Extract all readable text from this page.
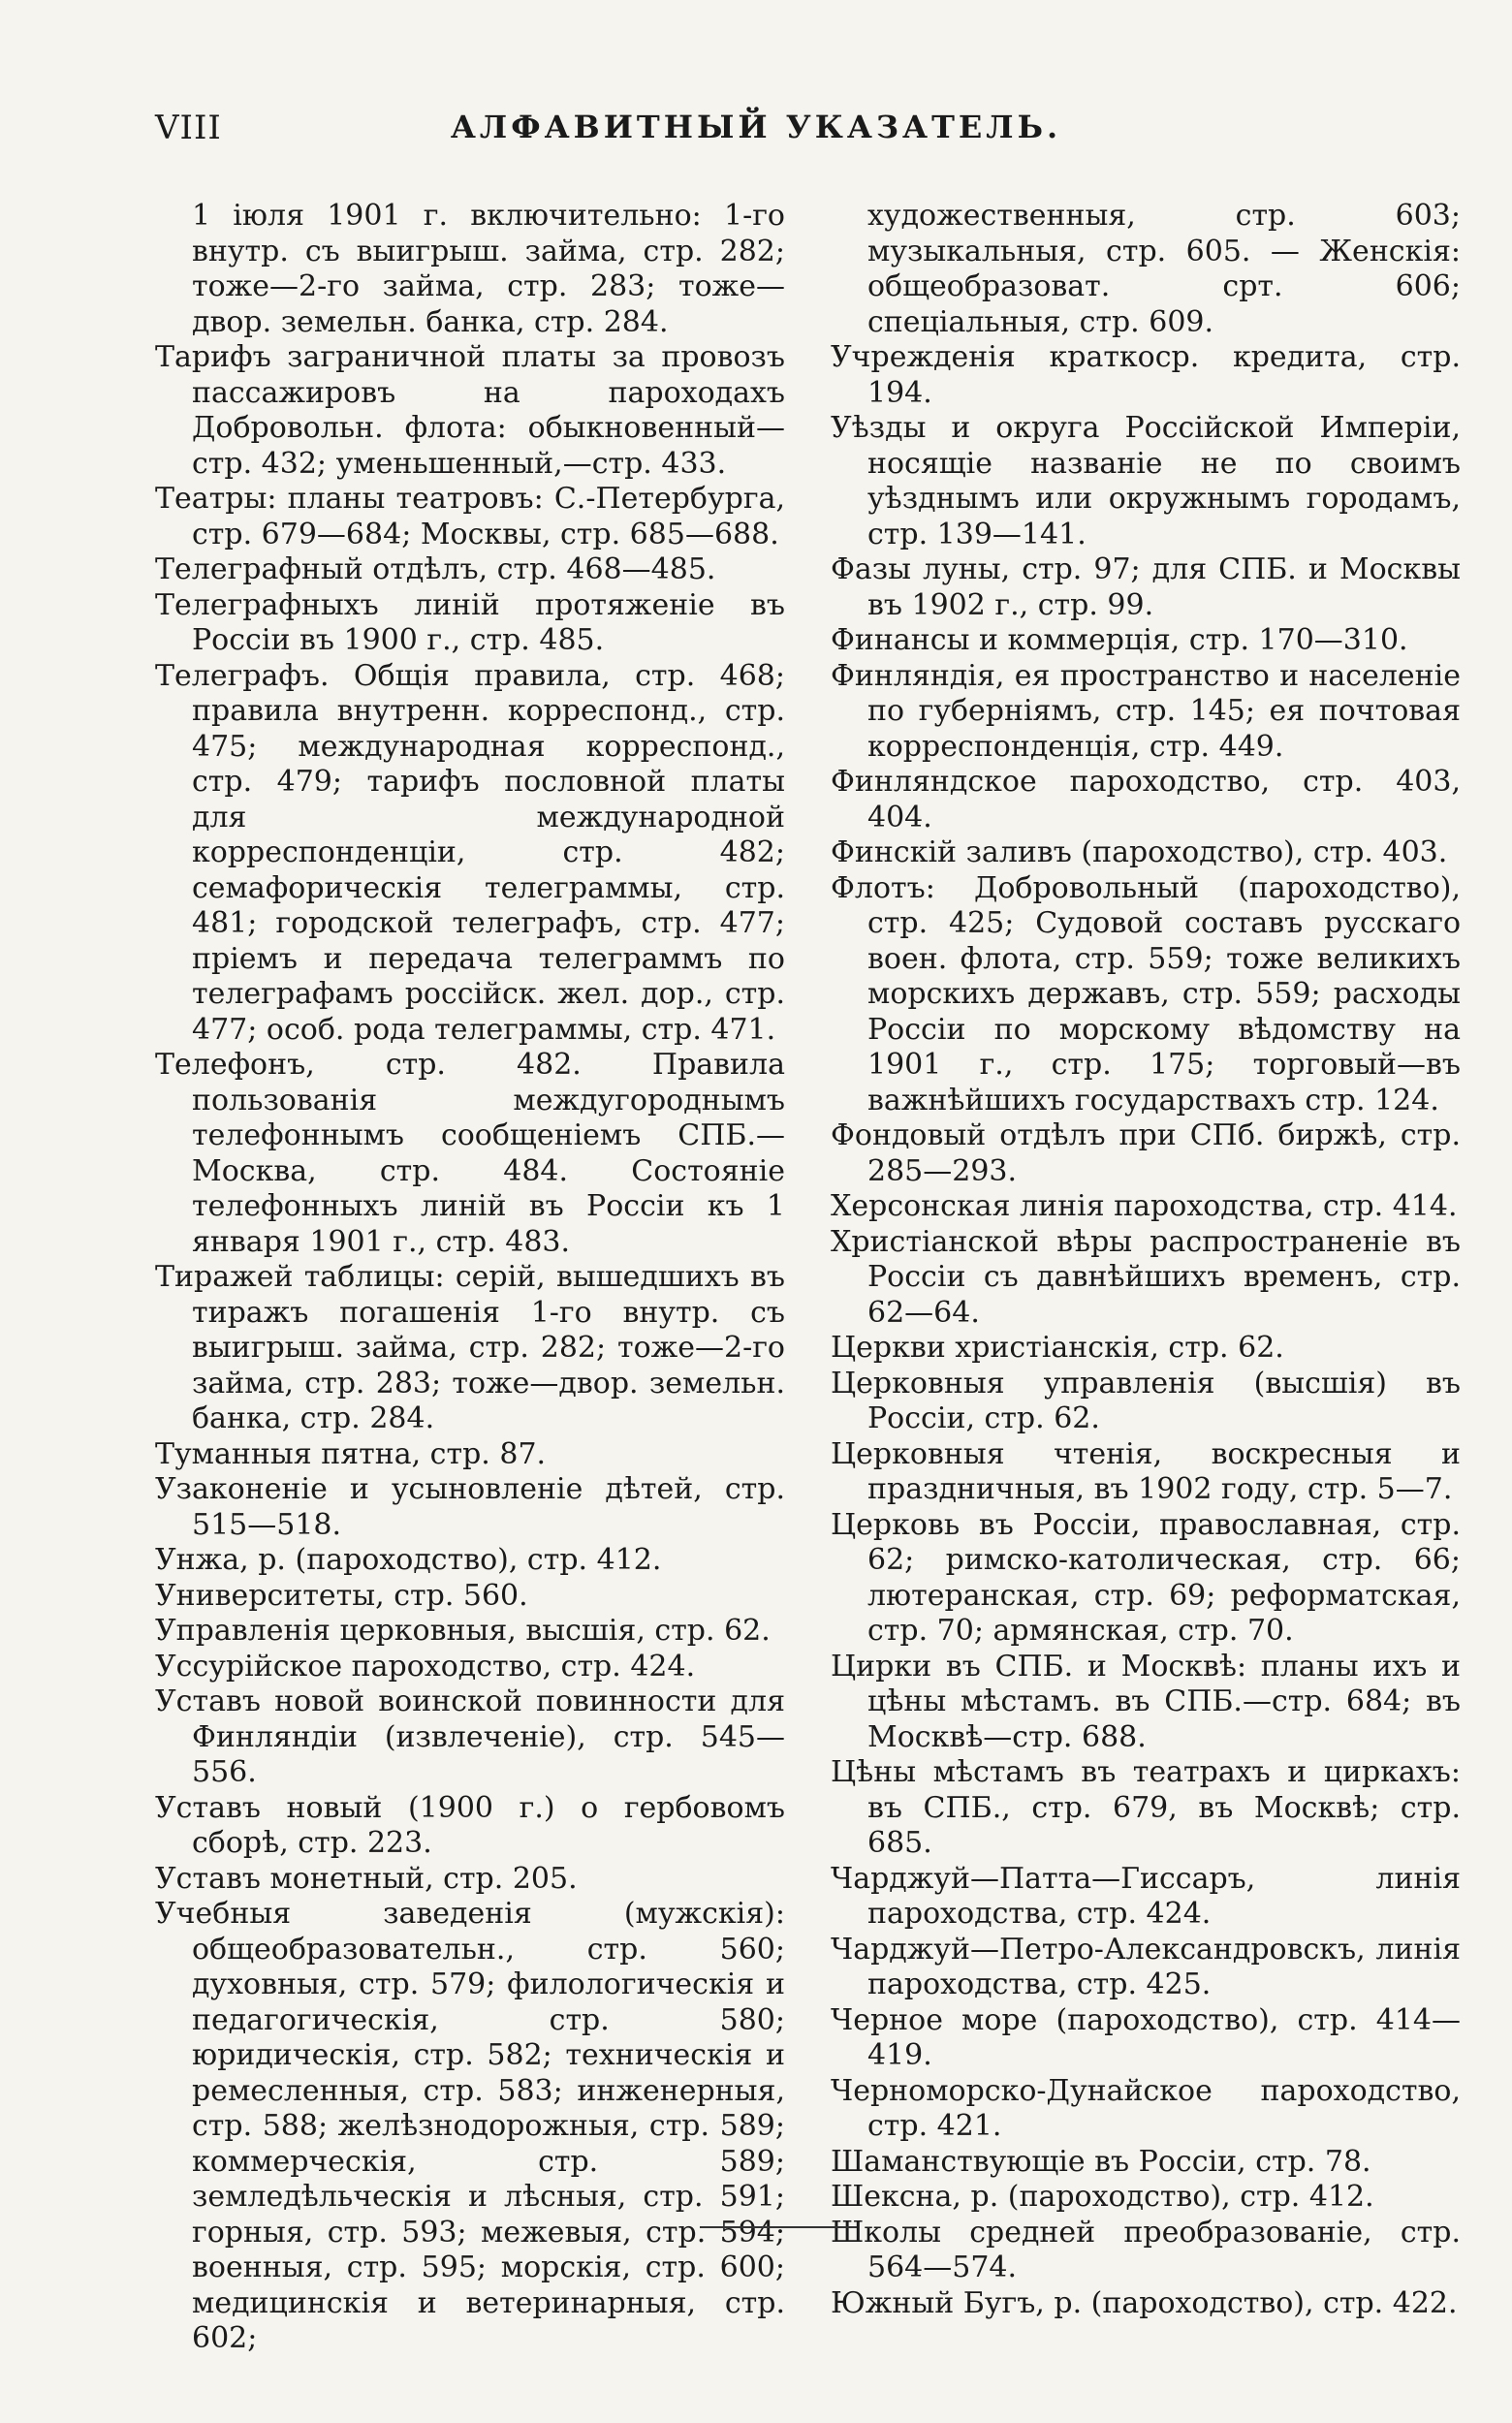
VIII	АЛФАВИТНЫЙ УКАЗАТЕЛЬ.

1 іюля 1901 г. включительно: 1-го внутр. съ выигрыш. займа, стр. 282; тоже—2-го займа, стр. 283; тоже—двор. земельн. банка, стр. 284.

Тарифъ заграничной платы за провозъ пассажировъ на пароходахъ Добровольн. флота: обыкновенный—стр. 432; уменьшенный,—стр. 433.

Театры: планы театровъ: С.-Петербурга, стр. 679—684; Москвы, стр. 685—688.

Телеграфный отдѣлъ, стр. 468—485.

Телеграфныхъ линій протяженіе въ Россіи въ 1900 г., стр. 485.

Телеграфъ. Общія правила, стр. 468; правила внутренн. корреспонд., стр. 475; международная корреспонд., стр. 479; тарифъ пословной платы для международной корреспонденціи, стр. 482; семафорическія телеграммы, стр. 481; городской телеграфъ, стр. 477; пріемъ и передача телеграммъ по телеграфамъ россійск. жел. дор., стр. 477; особ. рода телеграммы, стр. 471.

Телефонъ, стр. 482. Правила пользованія междугороднымъ телефоннымъ сообщеніемъ СПБ.—Москва, стр. 484. Состояніе телефонныхъ линій въ Россіи къ 1 января 1901 г., стр. 483.

Тиражей таблицы: серій, вышедшихъ въ тиражъ погашенія 1-го внутр. съ выигрыш. займа, стр. 282; тоже—2-го займа, стр. 283; тоже—двор. земельн. банка, стр. 284.

Туманныя пятна, стр. 87.

Узаконеніе и усыновленіе дѣтей, стр. 515—518.

Унжа, р. (пароходство), стр. 412.

Университеты, стр. 560.

Управленія церковныя, высшія, стр. 62.

Уссурійское пароходство, стр. 424.

Уставъ новой воинской повинности для Финляндіи (извлеченіе), стр. 545—556.

Уставъ новый (1900 г.) о гербовомъ сборѣ, стр. 223.

Уставъ монетный, стр. 205.

Учебныя заведенія (мужскія): общеобразовательн., стр. 560; духовныя, стр. 579; филологическія и педагогическія, стр. 580; юридическія, стр. 582; техническія и ремесленныя, стр. 583; инженерныя, стр. 588; желѣзнодорожныя, стр. 589; коммерческія, стр. 589; земледѣльческія и лѣсныя, стр. 591; горныя, стр. 593; межевыя, стр. 594; военныя, стр. 595; морскія, стр. 600; медицинскія и ветеринарныя, стр. 602;

художественныя, стр. 603; музыкальныя, стр. 605. — Женскія: общеобразоват. срт. 606; спеціальныя, стр. 609.

Учрежденія краткоср. кредита, стр. 194.

Уѣзды и округа Россійской Имперіи, носящіе названіе не по своимъ уѣзднымъ или окружнымъ городамъ, стр. 139—141.

Фазы луны, стр. 97; для СПБ. и Москвы въ 1902 г., стр. 99.

Финансы и коммерція, стр. 170—310.

Финляндія, ея пространство и населеніе по губерніямъ, стр. 145; ея почтовая корреспонденція, стр. 449.

Финляндское пароходство, стр. 403, 404.

Финскій заливъ (пароходство), стр. 403.

Флотъ: Добровольный (пароходство), стр. 425; Судовой составъ русскаго воен. флота, стр. 559; тоже великихъ морскихъ державъ, стр. 559; расходы Россіи по морскому вѣдомству на 1901 г., стр. 175; торговый—въ важнѣйшихъ государствахъ стр. 124.

Фондовый отдѣлъ при СПб. биржѣ, стр. 285—293.

Херсонская линія пароходства, стр. 414.

Христіанской вѣры распространеніе въ Россіи съ давнѣйшихъ временъ, стр. 62—64.

Церкви христіанскія, стр. 62.

Церковныя управленія (высшія) въ Россіи, стр. 62.

Церковныя чтенія, воскресныя и праздничныя, въ 1902 году, стр. 5—7.

Церковь въ Россіи, православная, стр. 62; римско-католическая, стр. 66; лютеранская, стр. 69; реформатская, стр. 70; армянская, стр. 70.

Цирки въ СПБ. и Москвѣ: планы ихъ и цѣны мѣстамъ. въ СПБ.—стр. 684; въ Москвѣ—стр. 688.

Цѣны мѣстамъ въ театрахъ и циркахъ: въ СПБ., стр. 679, въ Москвѣ; стр. 685.

Чарджуй—Патта—Гиссаръ, линія пароходства, стр. 424.

Чарджуй—Петро-Александровскъ, линія пароходства, стр. 425.

Черное море (пароходство), стр. 414—419.

Черноморско-Дунайское пароходство, стр. 421.

Шаманствующіе въ Россіи, стр. 78.

Шексна, р. (пароходство), стр. 412.

Школы средней преобразованіе, стр. 564—574.

Южный Бугъ, р. (пароходство), стр. 422.
